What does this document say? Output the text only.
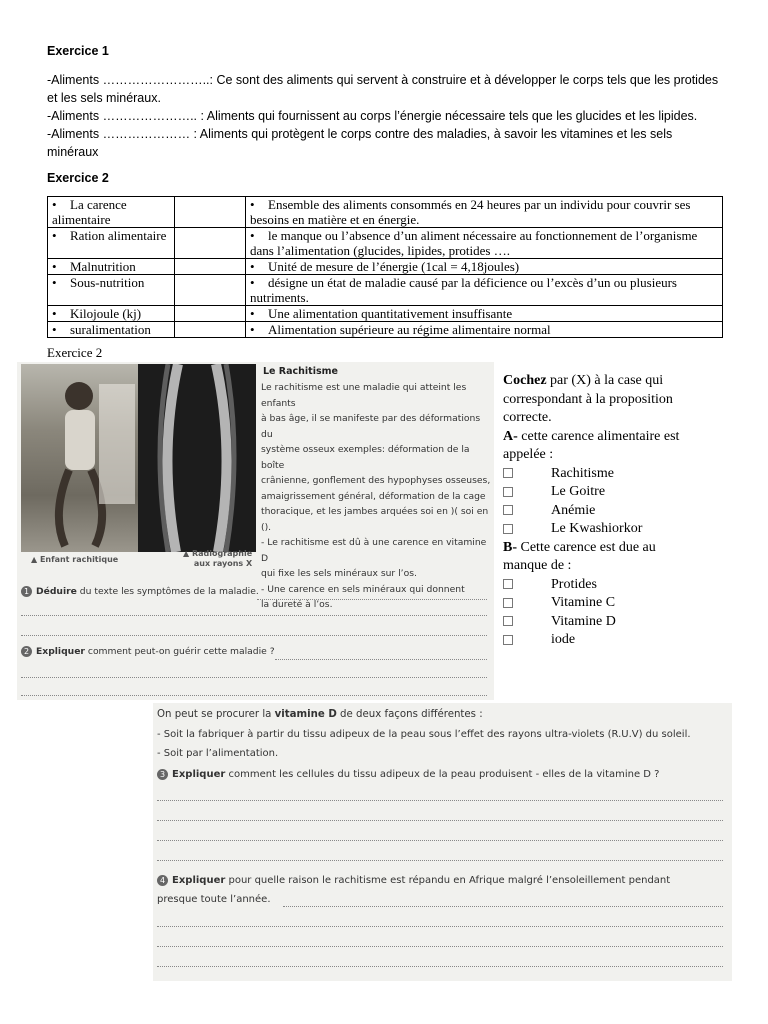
Exercice 1
-Aliments ……………………..: Ce sont des aliments qui servent à construire et à développer le corps tels que les protides
et les sels minéraux.
-Aliments ………………….. : Aliments qui fournissent au corps l’énergie nécessaire tels que les glucides et les lipides.
-Aliments ………………… : Aliments qui protègent le corps contre des maladies, à savoir les vitamines et les sels
minéraux
Exercice 2
• La carence alimentaire		• Ensemble des aliments consommés en 24 heures par un individu pour couvrir ses besoins en matière et en énergie.
• Ration alimentaire		• le manque ou l’absence d’un aliment nécessaire au fonctionnement de l’organisme dans l’alimentation (glucides, lipides, protides ….
• Malnutrition		• Unité de mesure de l’énergie (1cal = 4,18joules)
• Sous-nutrition		• désigne un état de maladie causé par la déficience ou l’excès d’un ou plusieurs nutriments.
• Kilojoule (kj)		• Une alimentation quantitativement insuffisante
• suralimentation		• Alimentation supérieure au régime alimentaire normal
Exercice 2
▲ Enfant rachitique
▲ Radiographie
aux rayons X
Le Rachitisme
Le rachitisme est une maladie qui atteint les enfants
à bas âge, il se manifeste par des déformations du
système osseux exemples: déformation de la boîte
crânienne, gonflement des hypophyses osseuses,
amaigrissement général, déformation de la cage
thoracique, et les jambes arquées soi en )( soi en ().
- Le rachitisme est dû à une carence en vitamine D
qui fixe les sels minéraux sur l’os.
- Une carence en sels minéraux qui donnent
la dureté à l’os.
1 Déduire du texte les symptômes de la maladie.
2 Expliquer comment peut-on guérir cette maladie ?
Cochez par (X) à la case qui
correspondant à la proposition
correcte.
A- cette carence alimentaire est
appelée :
Rachitisme
Le Goitre
Anémie
Le Kwashiorkor
B- Cette carence est due au
manque de :
Protides
Vitamine C
Vitamine D
iode
On peut se procurer la vitamine D de deux façons différentes :
- Soit la fabriquer à partir du tissu adipeux de la peau sous l’effet des rayons ultra-violets (R.U.V) du soleil.
- Soit par l’alimentation.
3 Expliquer comment les cellules du tissu adipeux de la peau produisent - elles de la vitamine D ?
4 Expliquer pour quelle raison le rachitisme est répandu en Afrique malgré l’ensoleillement pendant
presque toute l’année.
